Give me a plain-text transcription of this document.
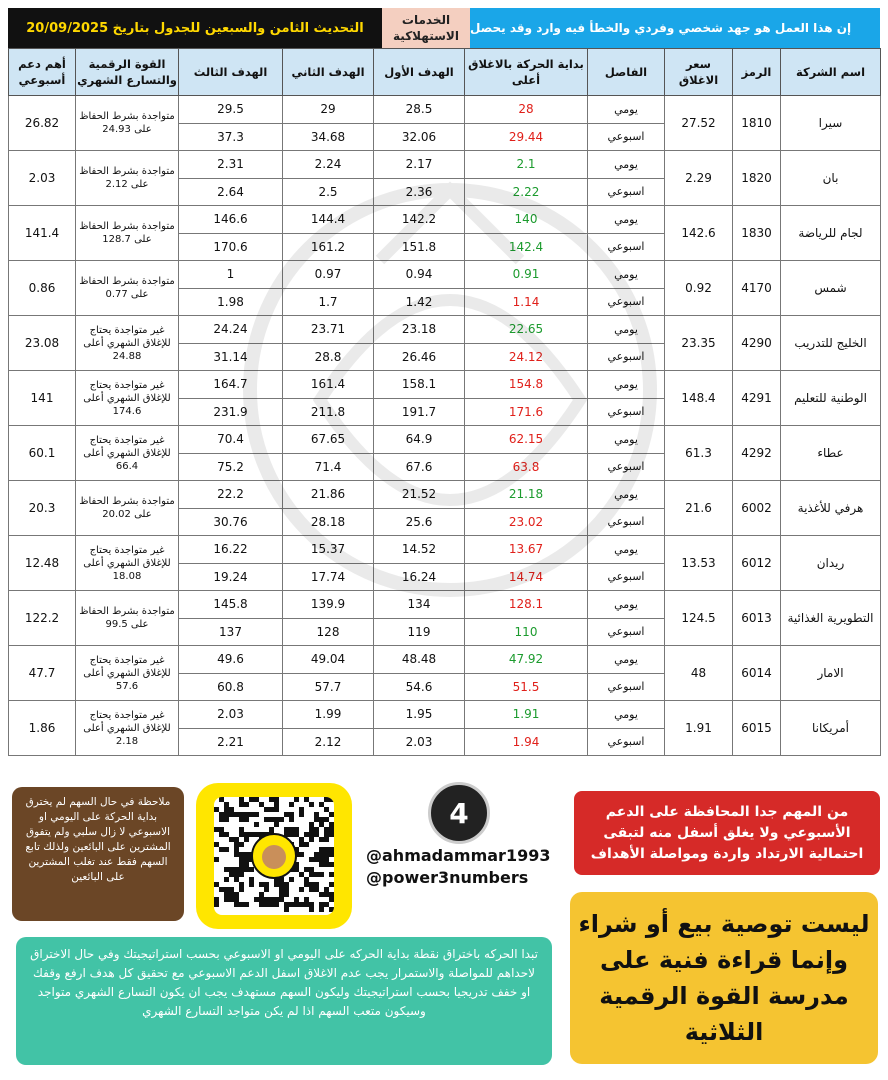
التحديث الثامن والسبعين للجدول بتاريخ 20/09/2025
الخدمات الاستهلاكية
إن هذا العمل هو جهد شخصي وفردي والخطأ فيه وارد وقد يحصل
اسم الشركة	الرمز	سعر الاغلاق	الفاصل	بداية الحركة بالاغلاق أعلى	الهدف الأول	الهدف الثاني	الهدف الثالث	القوة الرقمية والتسارع الشهري	أهم دعم أسبوعي
سيرا	1810	27.52	يومي	28	28.5	29	29.5	متواجدة بشرط الحفاظ على 24.93	26.82
			اسبوعي	29.44	32.06	34.68	37.3		
بان	1820	2.29	يومي	2.1	2.17	2.24	2.31	متواجدة بشرط الحفاظ على 2.12	2.03
			اسبوعي	2.22	2.36	2.5	2.64		
لجام للرياضة	1830	142.6	يومي	140	142.2	144.4	146.6	متواجدة بشرط الحفاظ على 128.7	141.4
			اسبوعي	142.4	151.8	161.2	170.6		
شمس	4170	0.92	يومي	0.91	0.94	0.97	1	متواجدة بشرط الحفاظ على 0.77	0.86
			اسبوعي	1.14	1.42	1.7	1.98		
الخليج للتدريب	4290	23.35	يومي	22.65	23.18	23.71	24.24	غير متواجدة يحتاج للإغلاق الشهري أعلى 24.88	23.08
			اسبوعي	24.12	26.46	28.8	31.14		
الوطنية للتعليم	4291	148.4	يومي	154.8	158.1	161.4	164.7	غير متواجدة يحتاج للإغلاق الشهري أعلى 174.6	141
			اسبوعي	171.6	191.7	211.8	231.9		
عطاء	4292	61.3	يومي	62.15	64.9	67.65	70.4	غير متواجدة يحتاج للإغلاق الشهري أعلى 66.4	60.1
			اسبوعي	63.8	67.6	71.4	75.2		
هرفي للأغذية	6002	21.6	يومي	21.18	21.52	21.86	22.2	متواجدة بشرط الحفاظ على 20.02	20.3
			اسبوعي	23.02	25.6	28.18	30.76		
ريدان	6012	13.53	يومي	13.67	14.52	15.37	16.22	غير متواجدة يحتاج للإغلاق الشهري أعلى 18.08	12.48
			اسبوعي	14.74	16.24	17.74	19.24		
التطويرية الغذائية	6013	124.5	يومي	128.1	134	139.9	145.8	متواجدة بشرط الحفاظ على 99.5	122.2
			اسبوعي	110	119	128	137		
الامار	6014	48	يومي	47.92	48.48	49.04	49.6	غير متواجدة يحتاج للإغلاق الشهري أعلى 57.6	47.7
			اسبوعي	51.5	54.6	57.7	60.8		
أمريكانا	6015	1.91	يومي	1.91	1.95	1.99	2.03	غير متواجدة يحتاج للإغلاق الشهري أعلى 2.18	1.86
			اسبوعي	1.94	2.03	2.12	2.21		
ملاحظة في حال السهم لم يخترق بداية الحركة على اليومي او الاسبوعي لا زال سلبي ولم يتفوق المشترين على البائعين ولذلك تابع السهم فقط عند تغلب المشترين على البائعين
4
@ahmadammar1993
@power3numbers
من المهم جدا المحافظة على الدعم الأسبوعي ولا يغلق أسفل منه لتبقى احتمالية الارتداد واردة ومواصلة الأهداف
ليست توصية بيع أو شراء وإنما قراءة فنية على مدرسة القوة الرقمية الثلاثية
تبدا الحركه باختراق نقطة بداية الحركه على اليومي او الاسبوعي بحسب استراتيجيتك وفي حال الاختراق لاحداهم للمواصلة والاستمرار يجب عدم الاغلاق اسفل الدعم الاسبوعي مع تحقيق كل هدف ارفع وقفك او خفف تدريجيا بحسب استراتيجيتك وليكون السهم مستهدف يجب ان يكون التسارع الشهري متواجد وسيكون متعب السهم اذا لم يكن متواجد التسارع الشهري
